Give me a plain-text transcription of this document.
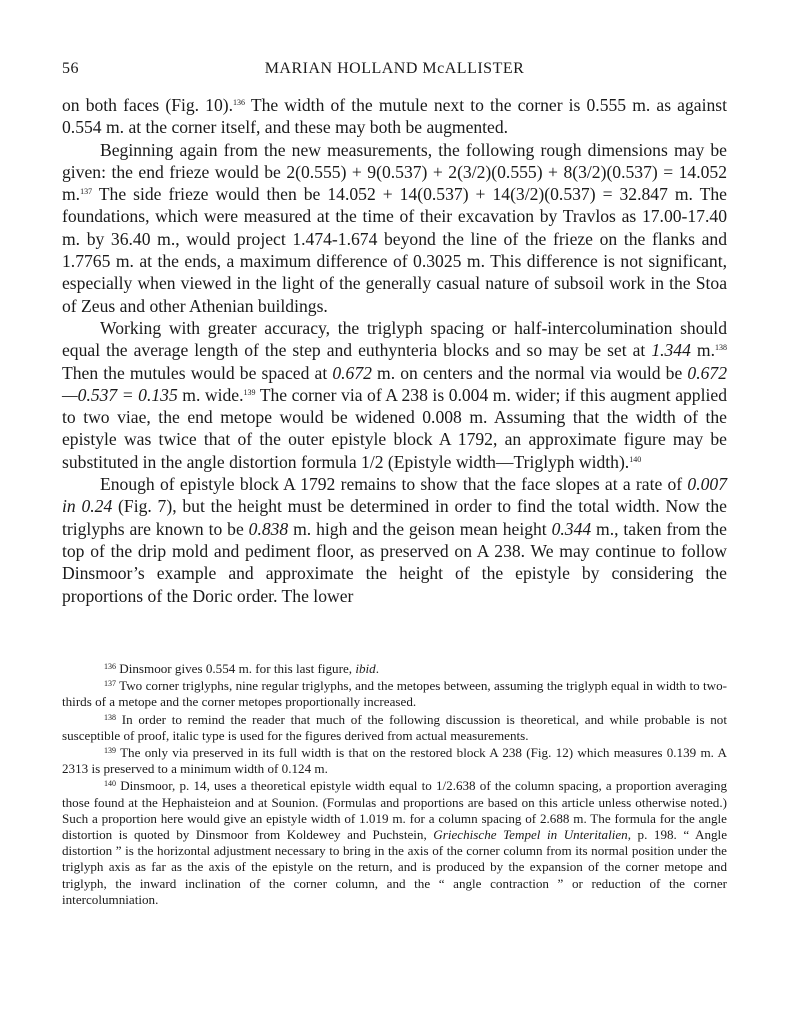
56	MARIAN HOLLAND McALLISTER

on both faces (Fig. 10).$^{136}$ The width of the mutule next to the corner is 0.555 m. as against 0.554 m. at the corner itself, and these may both be augmented.

Beginning again from the new measurements, the following rough dimensions may be given: the end frieze would be 2(0.555) + 9(0.537) + 2(3/2)(0.555) + 8(3/2)(0.537) = 14.052 m.$^{137}$ The side frieze would then be 14.052 + 14(0.537) + 14(3/2)(0.537) = 32.847 m. The foundations, which were measured at the time of their excavation by Travlos as 17.00-17.40 m. by 36.40 m., would project 1.474-1.674 beyond the line of the frieze on the flanks and 1.7765 m. at the ends, a maximum difference of 0.3025 m. This difference is not significant, especially when viewed in the light of the generally casual nature of subsoil work in the Stoa of Zeus and other Athenian buildings.

Working with greater accuracy, the triglyph spacing or half-intercolumination should equal the average length of the step and euthynteria blocks and so may be set at 1.344 m.$^{138}$ Then the mutules would be spaced at 0.672 m. on centers and the normal via would be 0.672—0.537 = 0.135 m. wide.$^{139}$ The corner via of A 238 is 0.004 m. wider; if this augment applied to two viae, the end metope would be widened 0.008 m. Assuming that the width of the epistyle was twice that of the outer epistyle block A 1792, an approximate figure may be substituted in the angle distortion formula 1/2 (Epistyle width—Triglyph width).$^{140}$

Enough of epistyle block A 1792 remains to show that the face slopes at a rate of 0.007 in 0.24 (Fig. 7), but the height must be determined in order to find the total width. Now the triglyphs are known to be 0.838 m. high and the geison mean height 0.344 m., taken from the top of the drip mold and pediment floor, as preserved on A 238. We may continue to follow Dinsmoor’s example and approximate the height of the epistyle by considering the proportions of the Doric order. The lower

$^{136}$ Dinsmoor gives 0.554 m. for this last figure, ibid.

$^{137}$ Two corner triglyphs, nine regular triglyphs, and the metopes between, assuming the triglyph equal in width to two-thirds of a metope and the corner metopes proportionally increased.

$^{138}$ In order to remind the reader that much of the following discussion is theoretical, and while probable is not susceptible of proof, italic type is used for the figures derived from actual measurements.

$^{139}$ The only via preserved in its full width is that on the restored block A 238 (Fig. 12) which measures 0.139 m. A 2313 is preserved to a minimum width of 0.124 m.

$^{140}$ Dinsmoor, p. 14, uses a theoretical epistyle width equal to 1/2.638 of the column spacing, a proportion averaging those found at the Hephaisteion and at Sounion. (Formulas and proportions are based on this article unless otherwise noted.) Such a proportion here would give an epistyle width of 1.019 m. for a column spacing of 2.688 m. The formula for the angle distortion is quoted by Dinsmoor from Koldewey and Puchstein, Griechische Tempel in Unteritalien, p. 198. “ Angle distortion ” is the horizontal adjustment necessary to bring in the axis of the corner column from its normal position under the triglyph axis as far as the axis of the epistyle on the return, and is produced by the expansion of the corner metope and triglyph, the inward inclination of the corner column, and the “ angle contraction ” or reduction of the corner intercolumniation.
